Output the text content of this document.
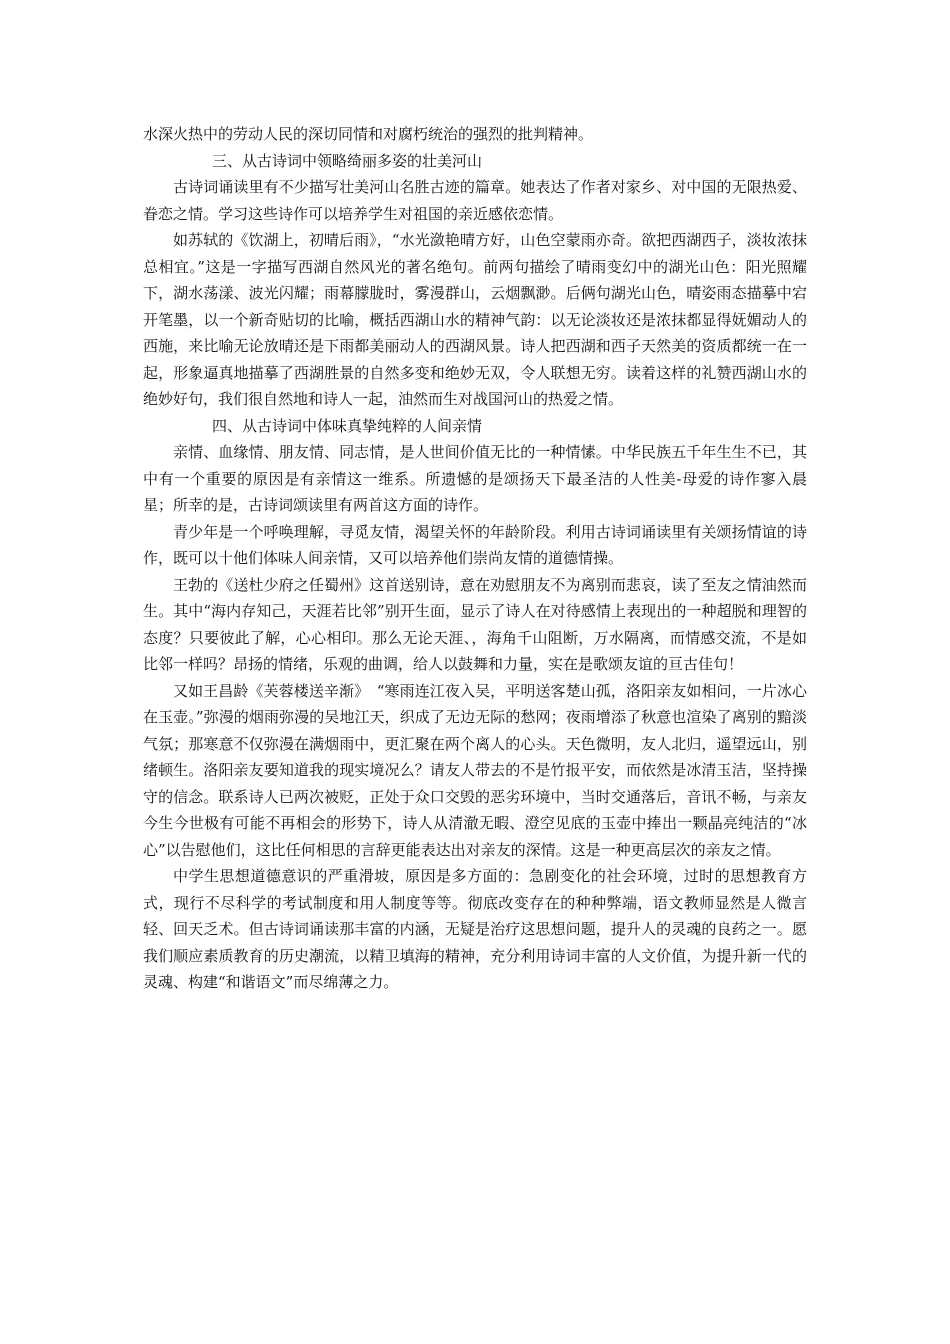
水深火热中的劳动人民的深切同情和对腐朽统治的强烈的批判精神。

三、从古诗词中领略绮丽多姿的壮美河山

古诗词诵读里有不少描写壮美河山名胜古迹的篇章。她表达了作者对家乡、对中国的无限热爱、眷恋之情。学习这些诗作可以培养学生对祖国的亲近感依恋情。

如苏轼的《饮湖上，初晴后雨》，“水光潋艳晴方好，山色空蒙雨亦奇。欲把西湖西子，淡妆浓抹总相宜。”这是一字描写西湖自然风光的著名绝句。前两句描绘了晴雨变幻中的湖光山色：阳光照耀下，湖水荡漾、波光闪耀；雨幕朦胧时，雾漫群山，云烟飘渺。后俩句湖光山色，晴姿雨态描摹中宕开笔墨，以一个新奇贴切的比喻，概括西湖山水的精神气韵：以无论淡妆还是浓抹都显得妩媚动人的西施，来比喻无论放晴还是下雨都美丽动人的西湖风景。诗人把西湖和西子天然美的资质都统一在一起，形象逼真地描摹了西湖胜景的自然多变和绝妙无双，令人联想无穷。读着这样的礼赞西湖山水的绝妙好句，我们很自然地和诗人一起，油然而生对战国河山的热爱之情。

四、从古诗词中体味真挚纯粹的人间亲情

亲情、血缘情、朋友情、同志情，是人世间价值无比的一种情愫。中华民族五千年生生不已，其中有一个重要的原因是有亲情这一维系。所遗憾的是颂扬天下最圣洁的人性美-母爱的诗作寥入晨星；所幸的是，古诗词颂读里有两首这方面的诗作。

青少年是一个呼唤理解，寻觅友情，渴望关怀的年龄阶段。利用古诗词诵读里有关颂扬情谊的诗作，既可以十他们体味人间亲情，又可以培养他们崇尚友情的道德情操。

王勃的《送杜少府之任蜀州》这首送别诗，意在劝慰朋友不为离别而悲哀，读了至友之情油然而生。其中“海内存知己，天涯若比邻”别开生面，显示了诗人在对待感情上表现出的一种超脱和理智的态度？只要彼此了解，心心相印。那么无论天涯、，海角千山阻断，万水隔离，而情感交流，不是如比邻一样吗？昂扬的情绪，乐观的曲调，给人以鼓舞和力量，实在是歌颂友谊的亘古佳句！

又如王昌龄《芙蓉楼送辛渐》　“寒雨连江夜入吴，平明送客楚山孤，洛阳亲友如相问，一片冰心在玉壶。”弥漫的烟雨弥漫的吴地江天，织成了无边无际的愁网；夜雨增添了秋意也渲染了离别的黯淡气氛；那寒意不仅弥漫在满烟雨中，更汇聚在两个离人的心头。天色微明，友人北归，遥望远山，别绪顿生。洛阳亲友要知道我的现实境况么？请友人带去的不是竹报平安，而依然是冰清玉洁，坚持操守的信念。联系诗人已两次被贬，正处于众口交毁的恶劣环境中，当时交通落后，音讯不畅，与亲友今生今世极有可能不再相会的形势下，诗人从清澈无暇、澄空见底的玉壶中捧出一颗晶亮纯洁的“冰心”以告慰他们，这比任何相思的言辞更能表达出对亲友的深情。这是一种更高层次的亲友之情。

中学生思想道德意识的严重滑坡，原因是多方面的：急剧变化的社会环境，过时的思想教育方式，现行不尽科学的考试制度和用人制度等等。彻底改变存在的种种弊端，语文教师显然是人微言轻、回天乏术。但古诗词诵读那丰富的内涵，无疑是治疗这思想问题，提升人的灵魂的良药之一。愿我们顺应素质教育的历史潮流，以精卫填海的精神，充分利用诗词丰富的人文价值，为提升新一代的灵魂、构建“和谐语文”而尽绵薄之力。
